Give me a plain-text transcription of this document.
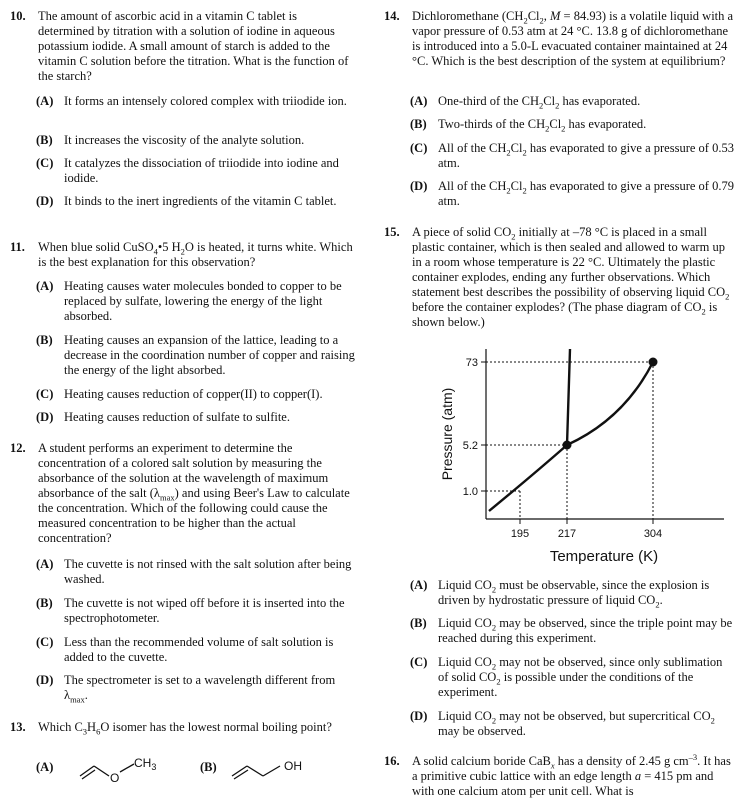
10. The amount of ascorbic acid in a vitamin C tablet is determined by titration with a solution of iodine in aqueous potassium iodide. A small amount of starch is added to the vitamin C solution before the titration. What is the function of the starch?
(A) It forms an intensely colored complex with triiodide ion.
(B) It increases the viscosity of the analyte solution.
(C) It catalyzes the dissociation of triiodide into iodine and iodide.
(D) It binds to the inert ingredients of the vitamin C tablet.
11. When blue solid CuSO$_4$•5 $H_2O$ is heated, it turns white. Which is the best explanation for this observation?
(A) Heating causes water molecules bonded to copper to be replaced by sulfate, lowering the energy of the light absorbed.
(B) Heating causes an expansion of the lattice, leading to a decrease in the coordination number of copper and raising the energy of the light absorbed.
(C) Heating causes reduction of copper(II) to copper(I).
(D) Heating causes reduction of sulfate to sulfite.
12. A student performs an experiment to determine the concentration of a colored salt solution by measuring the absorbance of the solution at the wavelength of maximum absorbance of the salt $(\lambda_{max})$ and using Beer's Law to calculate the concentration. Which of the following could cause the measured concentration to be higher than the actual concentration?
(A) The cuvette is not rinsed with the salt solution after being washed.
(B) The cuvette is not wiped off before it is inserted into the spectrophotometer.
(C) Less than the recommended volume of salt solution is added to the cuvette.
(D) The spectrometer is set to a wavelength different from $\lambda_{max}$.
13. Which $C_3H_6O$ isomer has the lowest normal boiling point?
(A)
O
$CH_3$	(B)	OH
14. Dichloromethane ($CH_2Cl_2$, M = 84.93) is a volatile liquid with a vapor pressure of 0.53 atm at 24 °C. 13.8 g of dichloromethane is introduced into a 5.0-L evacuated container maintained at 24 °C. Which is the best description of the system at equilibrium?
(A) One-third of the $CH_2Cl_2$ has evaporated.
(B) Two-thirds of the $CH_2Cl_2$ has evaporated.
(C) All of the $CH_2Cl_2$ has evaporated to give a pressure of 0.53 atm.
(D) All of the $CH_2Cl_2$ has evaporated to give a pressure of 0.79 atm.
15. A piece of solid $CO_2$ initially at –78 °C is placed in a small plastic container, which is then sealed and allowed to warm up in a room whose temperature is 22 °C. Ultimately the plastic container explodes, ending any further observations. Which statement best describes the possibility of observing liquid $CO_2$ before the container explodes? (The phase diagram of $CO_2$ is shown below.)
195	217	304
1.0
5.2
73
Temperature (K)
Pressure (atm)
(A) Liquid $CO_2$ must be observable, since the explosion is driven by hydrostatic pressure of liquid $CO_2$.
(B) Liquid $CO_2$ may be observed, since the triple point may be reached during this experiment.
(C) Liquid $CO_2$ may not be observed, since only sublimation of solid $CO_2$ is possible under the conditions of the experiment.
(D) Liquid $CO_2$ may not be observed, but supercritical $CO_2$ may be observed.
16. A solid calcium boride CaB$_x$ has a density of 2.45 g $cm^{-3}$. It has a primitive cubic lattice with an edge length a = 415 pm and with one calcium atom per unit cell. What is
